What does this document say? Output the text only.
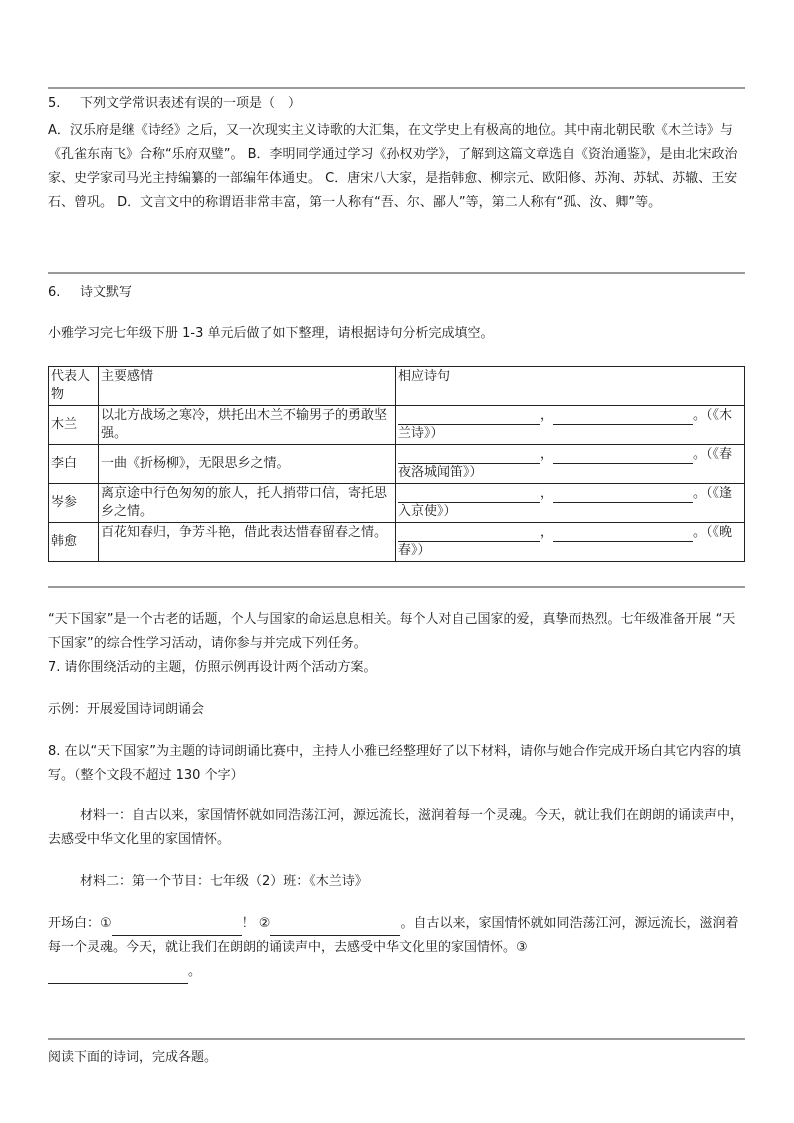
5. 下列文学常识表述有误的一项是（　）

A．汉乐府是继《诗经》之后，又一次现实主义诗歌的大汇集，在文学史上有极高的地位。其中南北朝民歌《木兰诗》与《孔雀东南飞》合称“乐府双璧”。 B．李明同学通过学习《孙权劝学》，了解到这篇文章选自《资治通鉴》，是由北宋政治家、史学家司马光主持编纂的一部编年体通史。 C．唐宋八大家，是指韩愈、柳宗元、欧阳修、苏洵、苏轼、苏辙、王安石、曾巩。 D．文言文中的称谓语非常丰富，第一人称有“吾、尔、鄙人”等，第二人称有“孤、汝、卿”等。

6. 诗文默写
小雅学习完七年级下册 1-3 单元后做了如下整理，请根据诗句分析完成填空。
代表人物	主要感情	相应诗句
木兰	以北方战场之寒冷，烘托出木兰不输男子的勇敢坚强。	， 。（《木
兰诗》）
李白	一曲《折杨柳》，无限思乡之情。	， 。（《春
夜洛城闻笛》）
岑参	离京途中行色匆匆的旅人，托人捎带口信，寄托思乡之情。	， 。（《逢
入京使》）
韩愈	百花知春归，争芳斗艳，借此表达惜春留春之情。	， 。（《晚
春》）

“天下国家”是一个古老的话题，个人与国家的命运息息相关。每个人对自己国家的爱，真挚而热烈。七年级准备开展 “天下国家”的综合性学习活动，请你参与并完成下列任务。

7. 请你围绕活动的主题，仿照示例再设计两个活动方案。
示例：开展爱国诗词朗诵会

8. 在以“天下国家”为主题的诗词朗诵比赛中，主持人小雅已经整理好了以下材料，请你与她合作完成开场白其它内容的填写。（整个文段不超过 130 个字）

材料一：自古以来，家国情怀就如同浩荡江河，源远流长，滋润着每一个灵魂。今天，就让我们在朗朗的诵读声中，去感受中华文化里的家国情怀。

材料二：第一个节目：七年级（2）班：《木兰诗》

开场白：①	！ ②	。自古以来，家国情怀就如同浩荡江河，源远流长，滋润着每一个灵魂。今天，就让我们在朗朗的诵读声中，去感受中华文化里的家国情怀。③
。

阅读下面的诗词，完成各题。
